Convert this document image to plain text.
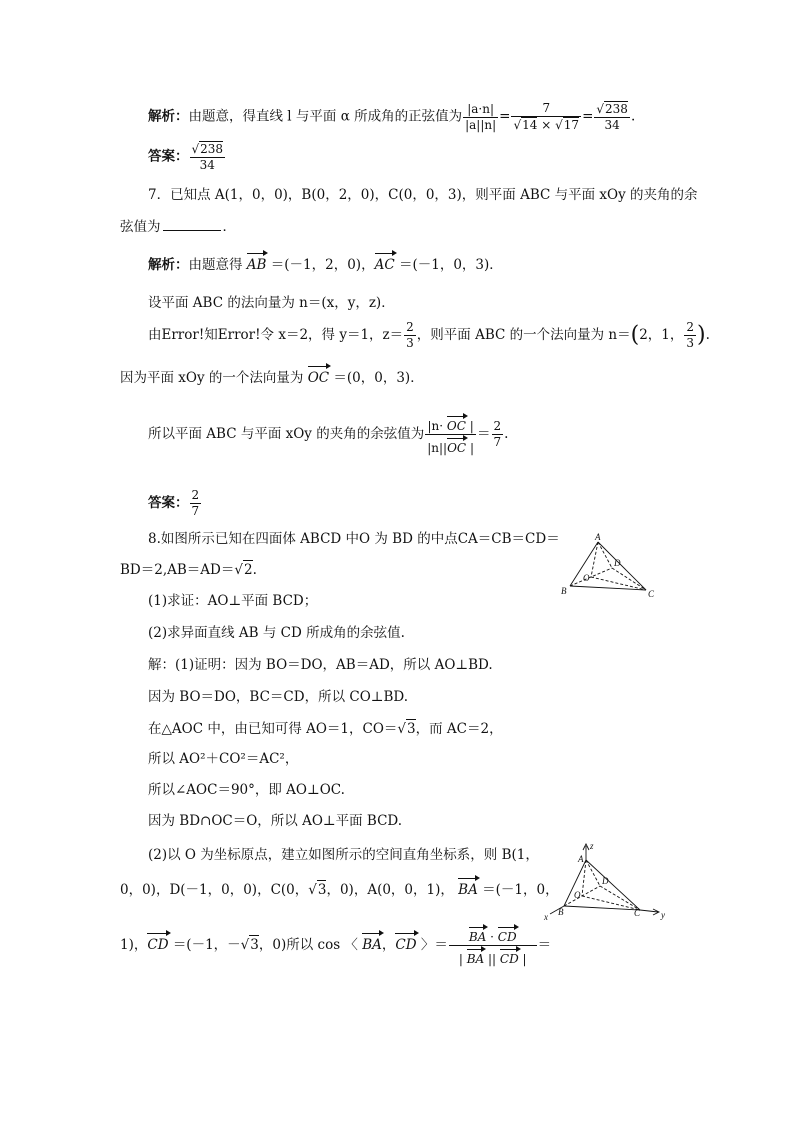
解析：由题意，得直线 l 与平面 α 所成角的正弦值为 $\frac{|a\cdot n|}{|a||n|} = \frac{7}{√14 \times √17} = \frac{√238}{34}$ .
答案： $\frac{√238}{34}$
7．已知点 A(1，0，0)，B(0，2，0)，C(0，0，3)，则平面 ABC 与平面 xOy 的夹角的余
弦值为	．
解析：由题意得 AB ＝(－1，2，0)，AC ＝(－1，0，3)．
设平面 ABC 的法向量为 n＝(x，y，z)．
由Error!知Error!令 x＝2，得 y＝1，$z= \frac{2}{3}$ ，则平面 ABC 的一个法向量为 n＝(2，1， $\frac{2}{3}$ ).
因为平面 xOy 的一个法向量为 OC ＝(0，0，3)．
所以平面 ABC 与平面 xOy 的夹角的余弦值为 $\frac{|n\cdot OC |}{|n||OC |} = \frac{2}{7}$ .
答案： $\frac{2}{7}$
8.如图所示已知在四面体 ABCD 中O 为 BD 的中点CA＝CB＝CD＝
BD＝2,AB＝AD＝√2.
(1)求证：AO⊥平面 BCD；
(2)求异面直线 AB 与 CD 所成角的余弦值.
解：(1)证明：因为 BO＝DO，AB＝AD，所以 AO⊥BD.
因为 BO＝DO，BC＝CD，所以 CO⊥BD.
在△AOC 中，由已知可得 AO＝1，CO＝√3，而 AC＝2，
所以 AO²＋CO²＝AC²，
所以∠AOC＝90°，即 AO⊥OC.
因为 BD∩OC＝O，所以 AO⊥平面 BCD.
(2)以 O 为坐标原点，建立如图所示的空间直角坐标系，则 B(1，
0，0)，D(－1，0，0)，C(0，√3，0)，A(0，0，1)， BA ＝(－1，0，
1)，CD ＝(－1，－√3，0)所以 cos 〈 BA，CD 〉＝ $\frac{BA \cdot CD}{| BA || CD |}$ ＝
A
B	C
D
O
A
B	C
D
O
x	y
z
